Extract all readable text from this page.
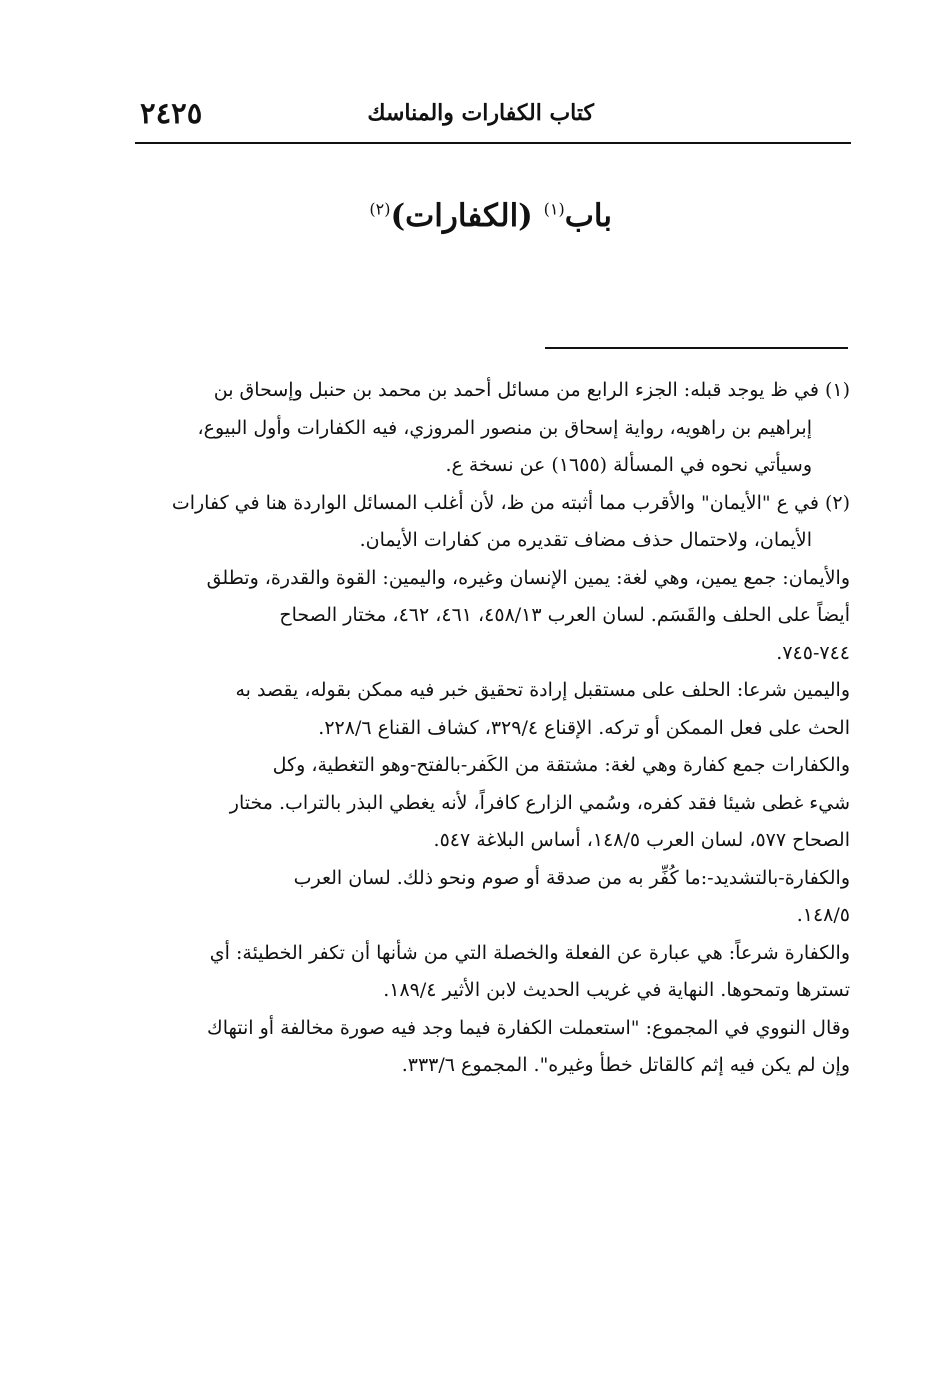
٢٤٢٥	كتاب الكفارات والمناسك
باب$^{(١)}$ (الكفارات)$^{(٢)}$
(١)في ظ يوجد قبله: الجزء الرابع من مسائل أحمد بن محمد بن حنبل وإسحاق بن
إبراهيم بن راهويه، رواية إسحاق بن منصور المروزي، فيه الكفارات وأول البيوع،
وسيأتي نحوه في المسألة (١٦٥٥) عن نسخة ع.
(٢)في ع "الأيمان" والأقرب مما أثبته من ظ، لأن أغلب المسائل الواردة هنا في كفارات
الأيمان، ولاحتمال حذف مضاف تقديره من كفارات الأيمان.
والأيمان: جمع يمين، وهي لغة: يمين الإنسان وغيره، واليمين: القوة والقدرة، وتطلق
أيضاً على الحلف والقَسَم. لسان العرب ٤٥٨/١٣، ٤٦١، ٤٦٢، مختار الصحاح
٧٤٤-٧٤٥.
واليمين شرعا: الحلف على مستقبل إرادة تحقيق خبر فيه ممكن بقوله، يقصد به
الحث على فعل الممكن أو تركه. الإقناع ٣٢٩/٤، كشاف القناع ٢٢٨/٦.
والكفارات جمع كفارة وهي لغة: مشتقة من الكَفر-بالفتح-وهو التغطية، وكل
شيء غطى شيئا فقد كفره، وسُمي الزارع كافراً، لأنه يغطي البذر بالتراب. مختار
الصحاح ٥٧٧، لسان العرب ١٤٨/٥، أساس البلاغة ٥٤٧.
والكفارة-بالتشديد-:ما كُفِّر به من صدقة أو صوم ونحو ذلك. لسان العرب
١٤٨/٥.
والكفارة شرعاً: هي عبارة عن الفعلة والخصلة التي من شأنها أن تكفر الخطيئة: أي
تسترها وتمحوها. النهاية في غريب الحديث لابن الأثير ١٨٩/٤.
وقال النووي في المجموع: "استعملت الكفارة فيما وجد فيه صورة مخالفة أو انتهاك
وإن لم يكن فيه إثم كالقاتل خطأ وغيره". المجموع ٣٣٣/٦.
